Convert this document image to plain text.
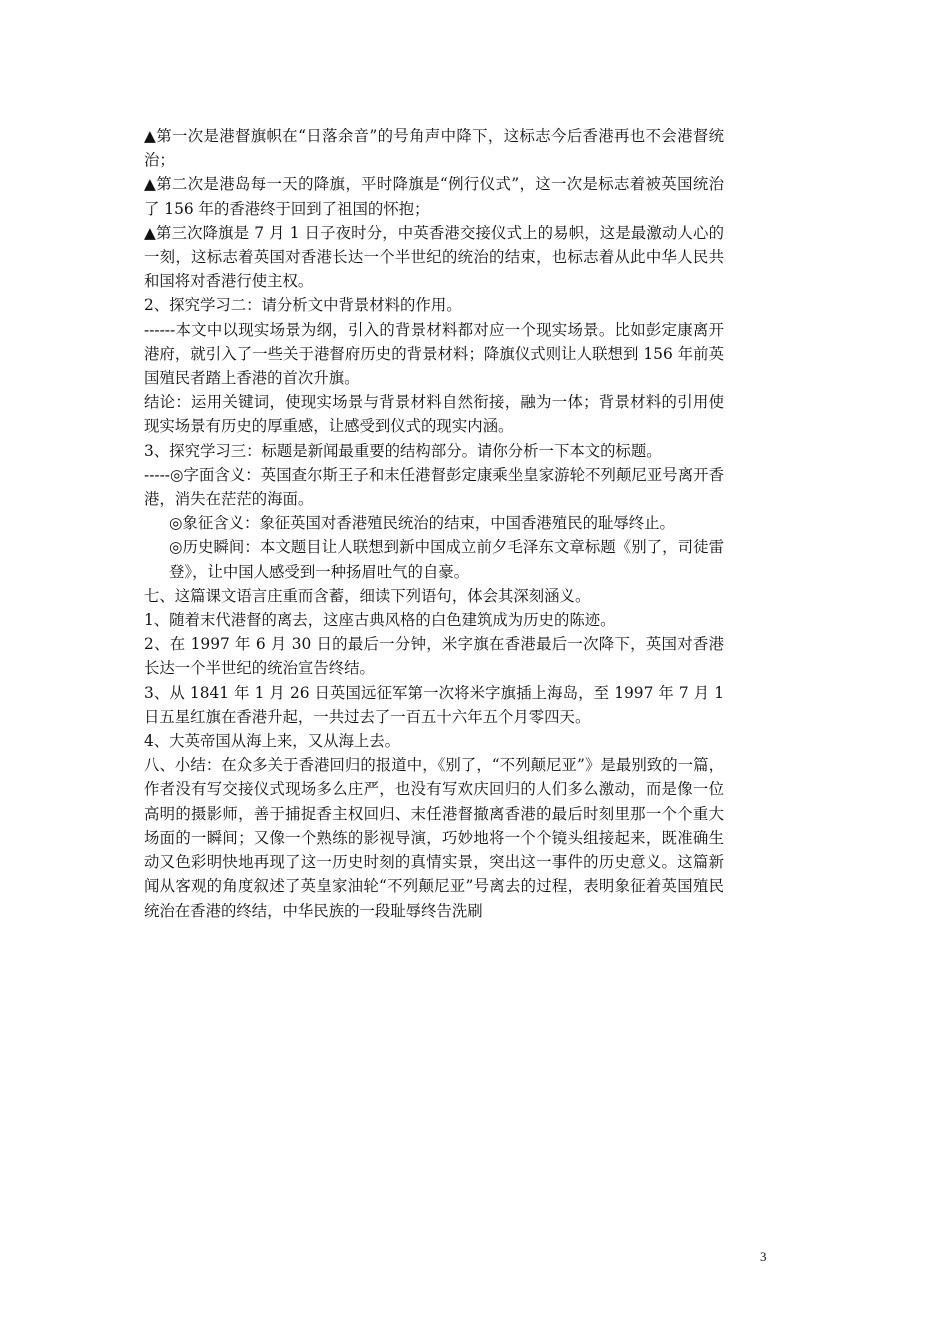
▲第一次是港督旗帜在“日落余音”的号角声中降下，这标志今后香港再也不会港督统治；

▲第二次是港岛每一天的降旗，平时降旗是“例行仪式”，这一次是标志着被英国统治了 156 年的香港终于回到了祖国的怀抱；

▲第三次降旗是 7 月 1 日子夜时分，中英香港交接仪式上的易帜，这是最激动人心的一刻，这标志着英国对香港长达一个半世纪的统治的结束，也标志着从此中华人民共和国将对香港行使主权。

2、探究学习二：请分析文中背景材料的作用。

------本文中以现实场景为纲，引入的背景材料都对应一个现实场景。比如彭定康离开港府，就引入了一些关于港督府历史的背景材料；降旗仪式则让人联想到 156 年前英国殖民者踏上香港的首次升旗。

结论：运用关键词，使现实场景与背景材料自然衔接，融为一体；背景材料的引用使现实场景有历史的厚重感，让感受到仪式的现实内涵。

3、探究学习三：标题是新闻最重要的结构部分。请你分析一下本文的标题。

-----◎字面含义：英国查尔斯王子和末任港督彭定康乘坐皇家游轮不列颠尼亚号离开香港，消失在茫茫的海面。

◎象征含义：象征英国对香港殖民统治的结束，中国香港殖民的耻辱终止。

◎历史瞬间：本文题目让人联想到新中国成立前夕毛泽东文章标题《别了，司徒雷登》，让中国人感受到一种扬眉吐气的自豪。

七、这篇课文语言庄重而含蓄，细读下列语句，体会其深刻涵义。

1、随着末代港督的离去，这座古典风格的白色建筑成为历史的陈迹。

2、在 1997 年 6 月 30 日的最后一分钟，米字旗在香港最后一次降下，英国对香港长达一个半世纪的统治宣告终结。

3、从 1841 年 1 月 26 日英国远征军第一次将米字旗插上海岛，至 1997 年 7 月 1 日五星红旗在香港升起，一共过去了一百五十六年五个月零四天。

4、大英帝国从海上来，又从海上去。

八、小结：在众多关于香港回归的报道中，《别了，“不列颠尼亚”》是最别致的一篇，作者没有写交接仪式现场多么庄严，也没有写欢庆回归的人们多么激动，而是像一位高明的摄影师，善于捕捉香主权回归、末任港督撤离香港的最后时刻里那一个个重大场面的一瞬间；又像一个熟练的影视导演，巧妙地将一个个镜头组接起来，既准确生动又色彩明快地再现了这一历史时刻的真情实景，突出这一事件的历史意义。这篇新闻从客观的角度叙述了英皇家油轮“不列颠尼亚”号离去的过程，表明象征着英国殖民统治在香港的终结，中华民族的一段耻辱终告洗刷

3
